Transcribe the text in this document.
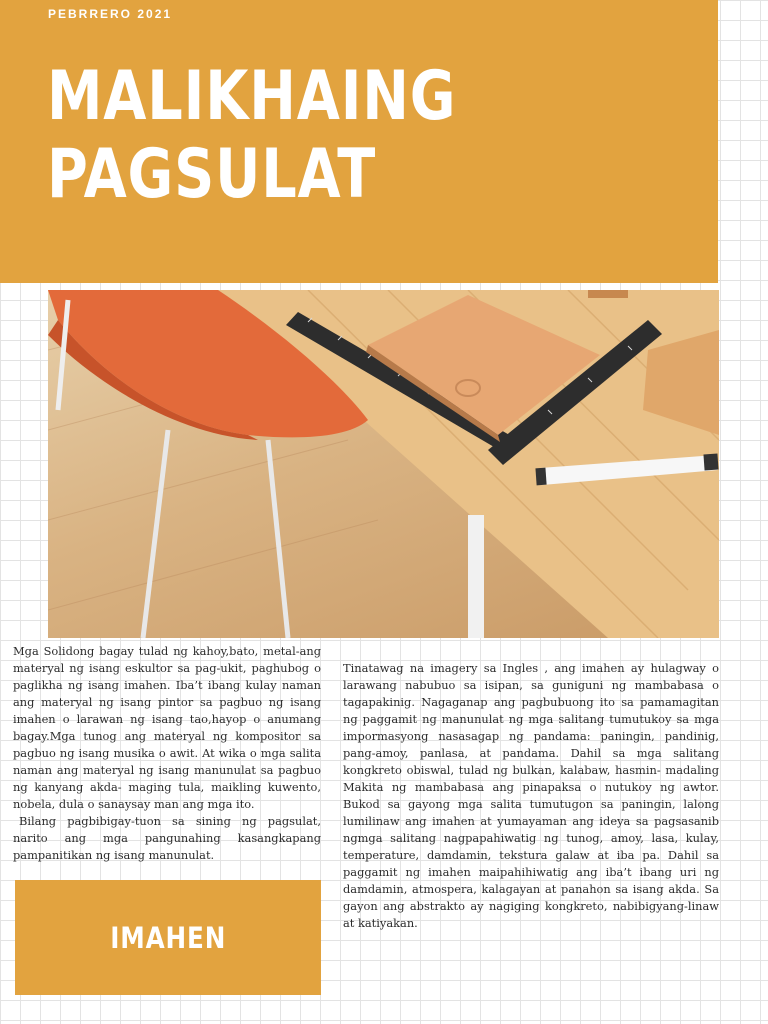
PEBRRERO 2021
MALIKHAING
PAGSULAT

Mga Solidong bagay tulad ng kahoy,bato, metal-ang materyal ng isang eskultor sa pag-ukit, paghubog o paglikha ng isang imahen. Iba’t ibang kulay naman ang materyal ng isang pintor sa pagbuo ng isang imahen o larawan ng isang tao,hayop o anumang bagay.Mga tunog ang materyal ng kompositor sa pagbuo ng isang musika o awit. At wika o mga salita naman ang materyal ng isang manunulat sa pagbuo ng kanyang akda- maging tula, maikling kuwento, nobela, dula o sanaysay man ang mga ito.

Bilang pagbibigay-tuon sa sining ng pagsulat, narito ang mga pangunahing kasangkapang pampanitikan ng isang manunulat.

Tinatawag na imagery sa Ingles , ang imahen ay hulagway o larawang nabubuo sa isipan, sa guniguni ng mambabasa o tagapakinig. Nagaganap ang pagbubuong ito sa pamamagitan ng paggamit ng manunulat ng mga salitang tumutukoy sa mga impormasyong nasasagap ng pandama: paningin, pandinig, pang-amoy, panlasa, at pandama. Dahil sa mga salitang kongkreto obiswal, tulad ng bulkan, kalabaw, hasmin- madaling Makita ng mambabasa ang pinapaksa o nutukoy ng awtor. Bukod sa gayong mga salita tumutugon sa paningin, lalong lumilinaw ang imahen at yumayaman ang ideya sa pagsasanib ngmga salitang nagpapahiwatig ng tunog, amoy, lasa, kulay, temperature, damdamin, tekstura galaw at iba pa. Dahil sa paggamit ng imahen maipahihiwatig ang iba’t ibang uri ng damdamin, atmospera, kalagayan at panahon sa isang akda. Sa gayon ang abstrakto ay nagiging kongkreto, nabibigyang-linaw at katiyakan.

IMAHEN
